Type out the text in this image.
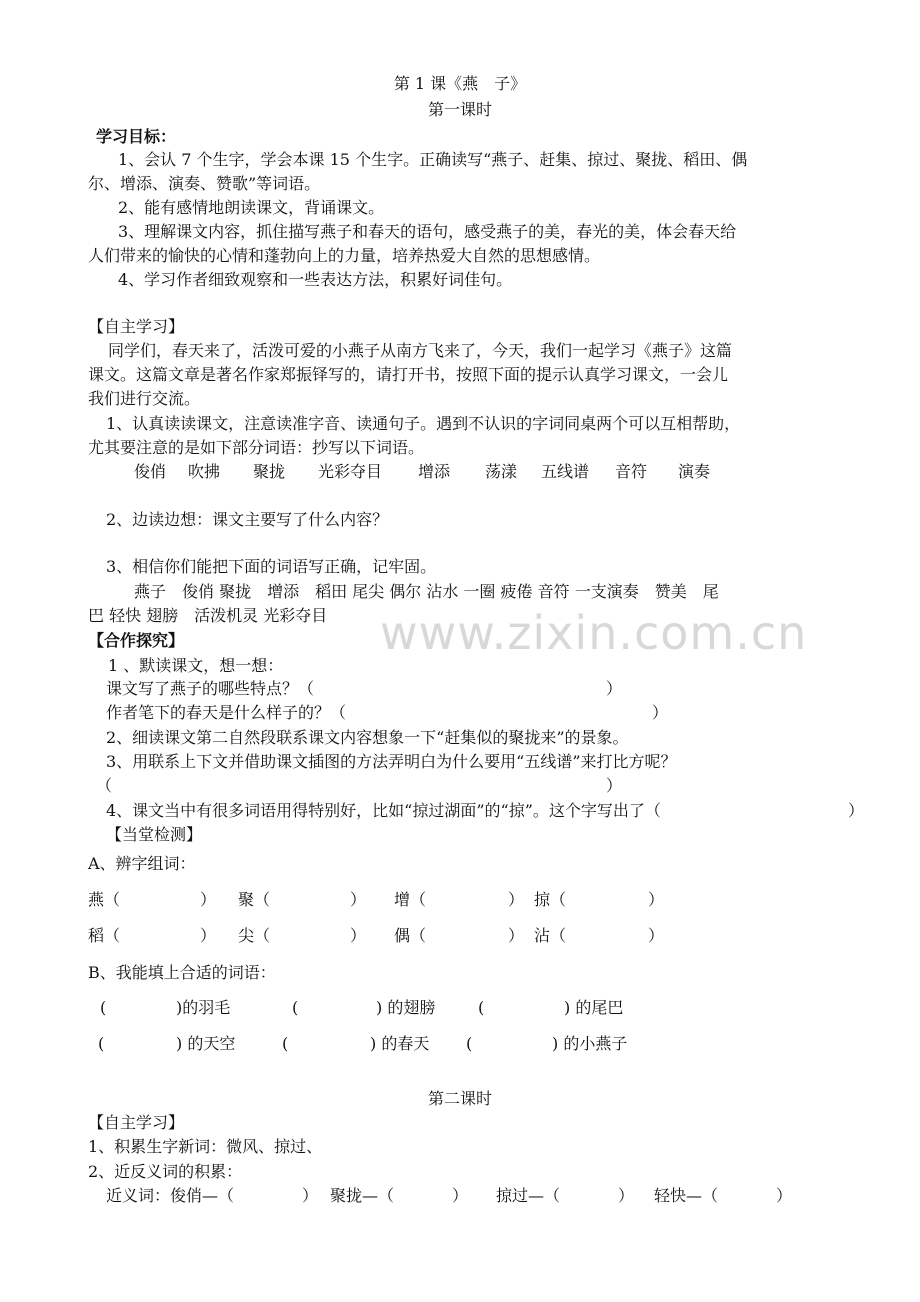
www.zixin.com.cn
第 1 课《燕　子》
第一课时
学习目标：
1、会认 7 个生字，学会本课 15 个生字。正确读写“燕子、赶集、掠过、聚拢、稻田、偶
尔、增添、演奏、赞歌”等词语。
2、能有感情地朗读课文，背诵课文。
3、理解课文内容，抓住描写燕子和春天的语句，感受燕子的美，春光的美，体会春天给
人们带来的愉快的心情和蓬勃向上的力量，培养热爱大自然的思想感情。
4、学习作者细致观察和一些表达方法，积累好词佳句。
【自主学习】
同学们，春天来了，活泼可爱的小燕子从南方飞来了，今天，我们一起学习《燕子》这篇
课文。这篇文章是著名作家郑振铎写的，请打开书，按照下面的提示认真学习课文，一会儿
我们进行交流。
1、认真读读课文，注意读准字音、读通句子。遇到不认识的字词同桌两个可以互相帮助，
尤其要注意的是如下部分词语：抄写以下词语。
俊俏 吹拂 聚拢 光彩夺目 增添 荡漾 五线谱 音符 演奏
2、边读边想：课文主要写了什么内容？
3、相信你们能把下面的词语写正确，记牢固。
燕子　俊俏 聚拢　增添　稻田 尾尖 偶尔 沾水 一圈 疲倦 音符 一支演奏　赞美　尾
巴 轻快 翅膀　活泼机灵 光彩夺目
【合作探究】
1 、默读课文，想一想：
课文写了燕子的哪些特点？（	）
作者笔下的春天是什么样子的？（	）
2、细读课文第二自然段联系课文内容想象一下“赶集似的聚拢来”的景象。
3、用联系上下文并借助课文插图的方法弄明白为什么要用“五线谱”来打比方呢？
（	）
4、课文当中有很多词语用得特别好，比如“掠过湖面”的“掠”。这个字写出了（	）
【当堂检测】
A、辨字组词：
燕（	） 聚（	） 增（	） 掠（	）
稻（	） 尖（	） 偶（	） 沾（	）
B、我能填上合适的词语：
(	)的羽毛	(	) 的翅膀	(	) 的尾巴
(	) 的天空	(	) 的春天 (	) 的小燕子
第二课时
【自主学习】
1、积累生字新词：微风、掠过、
2、近反义词的积累：
近义词：俊俏—（	） 聚拢—（	） 掠过—（	） 轻快—（	）
